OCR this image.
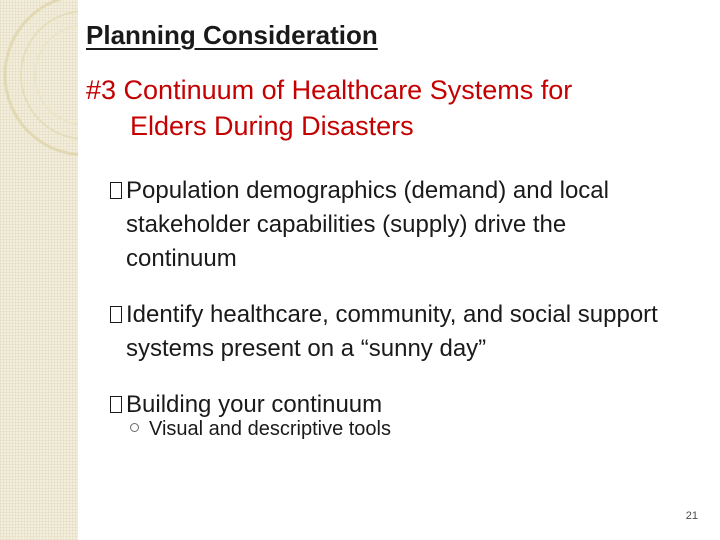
Planning Consideration
#3 Continuum of Healthcare Systems for
Elders During Disasters
Population demographics (demand) and local stakeholder capabilities (supply) drive the continuum
Identify healthcare, community, and social support systems present on a “sunny day”
Building your continuum
Visual and descriptive tools
21
